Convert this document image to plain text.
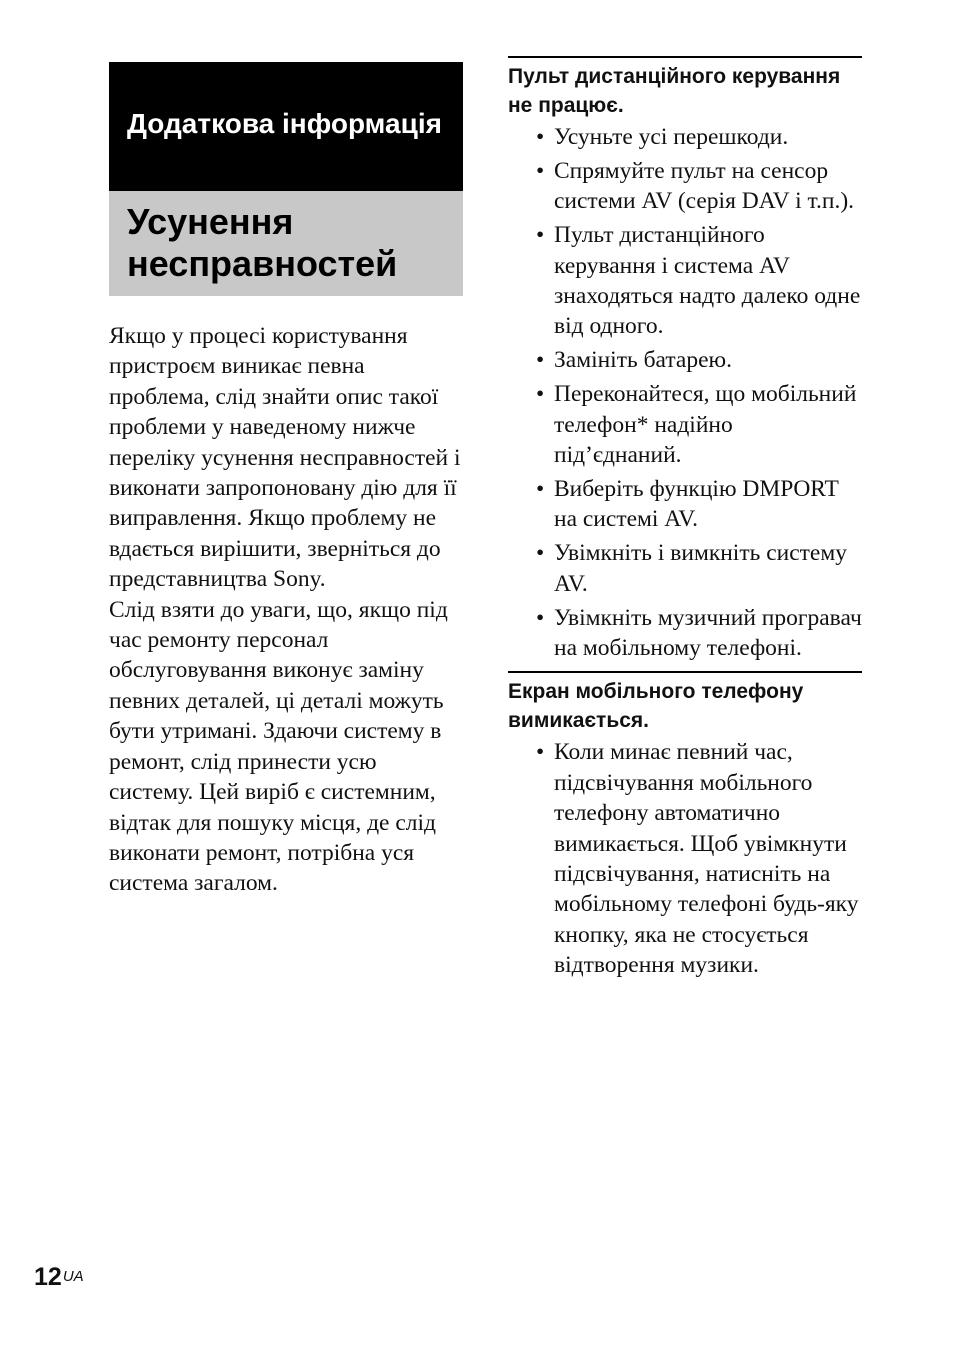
Додаткова інформація
Усунення несправностей

Якщо у процесі користування пристроєм виникає певна проблема, слід знайти опис такої проблеми у наведеному нижче переліку усунення несправностей і виконати запропоновану дію для її виправлення. Якщо проблему не вдається вирішити, зверніться до представництва Sony.

Слід взяти до уваги, що, якщо під час ремонту персонал обслуговування виконує заміну певних деталей, ці деталі можуть бути утримані. Здаючи систему в ремонт, слід принести усю систему. Цей виріб є системним, відтак для пошуку місця, де слід виконати ремонт, потрібна уся система загалом.

Пульт дистанційного керування не працює.
• Усуньте усі перешкоди.
• Спрямуйте пульт на сенсор системи AV (серія DAV і т.п.).
• Пульт дистанційного керування і система AV знаходяться надто далеко одне від одного.
• Замініть батарею.
• Переконайтеся, що мобільний телефон* надійно під’єднаний.
• Виберіть функцію DMPORT на системі AV.
• Увімкніть і вимкніть систему AV.
• Увімкніть музичний програвач на мобільному телефоні.
Екран мобільного телефону вимикається.
• Коли минає певний час, підсвічування мобільного телефону автоматично вимикається. Щоб увімкнути підсвічування, натисніть на мобільному телефоні будь-яку кнопку, яка не стосується відтворення музики.
$12^{UA}$
